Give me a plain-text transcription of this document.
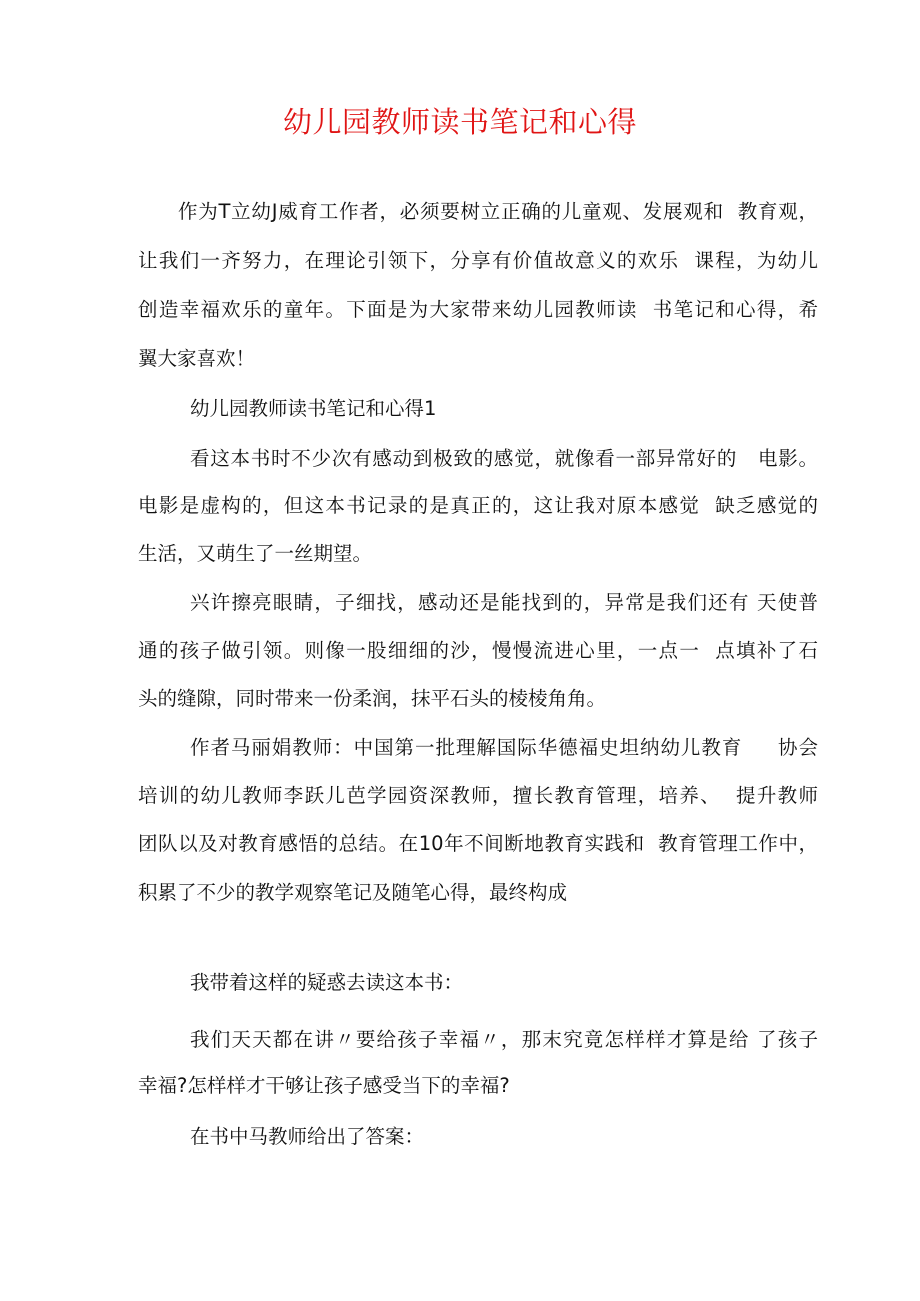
幼儿园教师读书笔记和心得
作为T立幼J威育工作者，必须要树立正确的儿童观、发展观和  教育观，
让我们一齐努力，在理论引领下，分享有价值故意义的欢乐  课程，为幼儿
创造幸福欢乐的童年。下面是为大家带来幼儿园教师读  书笔记和心得，希
翼大家喜欢！
幼儿园教师读书笔记和心得1
看这本书时不少次有感动到极致的感觉，就像看一部异常好的   电影。
电影是虚构的，但这本书记录的是真正的，这让我对原本感觉  缺乏感觉的
生活，又萌生了一丝期望。
兴许擦亮眼睛，子细找，感动还是能找到的，异常是我们还有 天使普
通的孩子做引领。则像一股细细的沙，慢慢流进心里，一点一  点填补了石
头的缝隙，同时带来一份柔润，抹平石头的棱棱角角。
作者马丽娟教师：中国第一批理解国际华德福史坦纳幼儿教育     协会
培训的幼儿教师李跃儿芭学园资深教师，擅长教育管理，培养、  提升教师
团队以及对教育感悟的总结。在10年不间断地教育实践和  教育管理工作中，
积累了不少的教学观察笔记及随笔心得，最终构成
我带着这样的疑惑去读这本书：
我们天天都在讲〃要给孩子幸福〃，那末究竟怎样样才算是给 了孩子
幸福?怎样样才干够让孩子感受当下的幸福?
在书中马教师给出了答案：
